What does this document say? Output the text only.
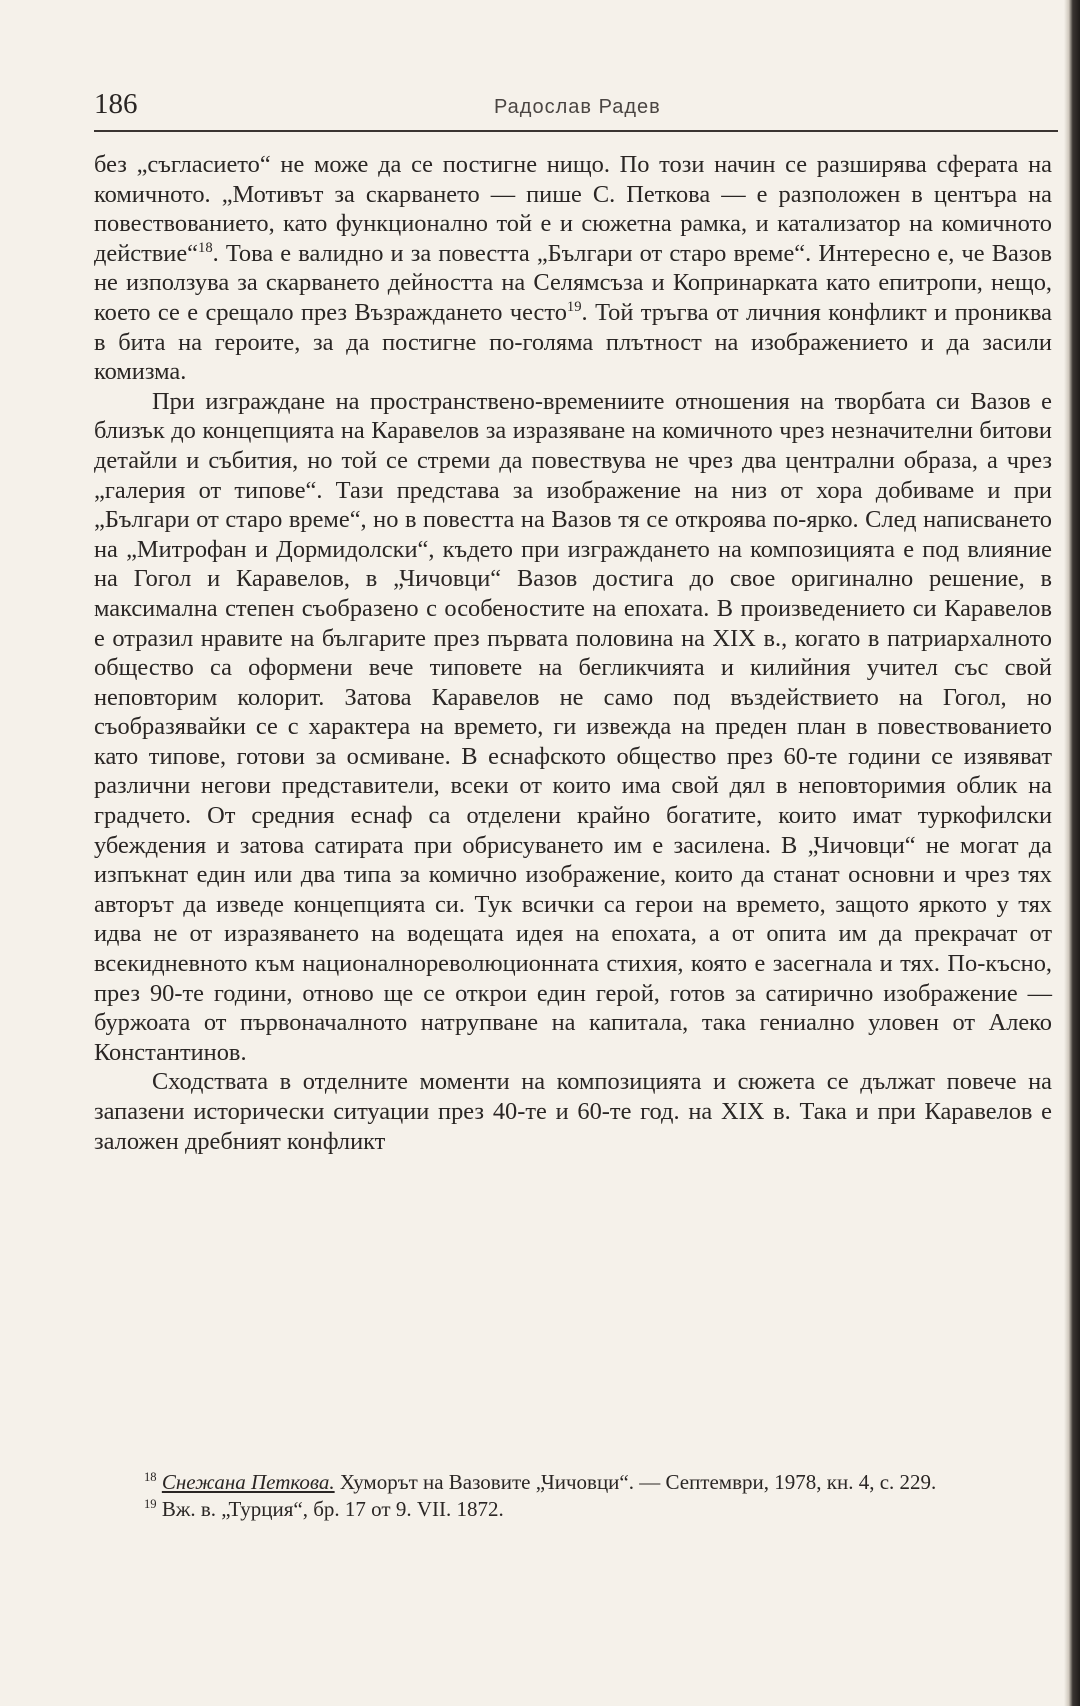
186	Радослав Радев

без „съгласието“ не може да се постигне нищо. По този начин се разширява сферата на комичното. „Мотивът за скарването — пише С. Петкова — е разположен в центъра на повествованието, като функционално той е и сюжетна рамка, и катализатор на комичното действие“$^{18}$. Това е валидно и за повестта „Българи от старо време“. Интересно е, че Вазов не използува за скарването дейността на Селямсъза и Копринарката като епитропи, нещо, което се е срещало през Възраждането често$^{19}$. Той тръгва от личния конфликт и прониква в бита на героите, за да постигне по-голяма плътност на изображението и да засили комизма.

При изграждане на пространствено-времениите отношения на творбата си Вазов е близък до концепцията на Каравелов за изразяване на комичното чрез незначителни битови детайли и събития, но той се стреми да повествува не чрез два централни образа, а чрез „галерия от типове“. Тази представа за изображение на низ от хора добиваме и при „Българи от старо време“, но в повестта на Вазов тя се откроява по-ярко. След написването на „Митрофан и Дормидолски“, където при изграждането на композицията е под влияние на Гогол и Каравелов, в „Чичовци“ Вазов достига до свое оригинално решение, в максимална степен съобразено с особеностите на епохата. В произведението си Каравелов е отразил нравите на българите през първата половина на XIX в., когато в патриархалното общество са оформени вече типовете на бегликчията и килийния учител със свой неповторим колорит. Затова Каравелов не само под въздействието на Гогол, но съобразявайки се с характера на времето, ги извежда на преден план в повествованието като типове, готови за осмиване. В еснафското общество през 60-те години се изявяват различни негови представители, всеки от които има свой дял в неповторимия облик на градчето. От средния еснаф са отделени крайно богатите, които имат туркофилски убеждения и затова сатирата при обрисуването им е засилена. В „Чичовци“ не могат да изпъкнат един или два типа за комично изображение, които да станат основни и чрез тях авторът да изведе концепцията си. Тук всички са герои на времето, защото яркото у тях идва не от изразяването на водещата идея на епохата, а от опита им да прекрачат от всекидневното към националнореволюционната стихия, която е засегнала и тях. По-късно, през 90-те години, отново ще се открои един герой, готов за сатирично изображение — буржоата от първоначалното натрупване на капитала, така гениално уловен от Алеко Константинов.

Сходствата в отделните моменти на композицията и сюжета се дължат повече на запазени исторически ситуации през 40-те и 60-те год. на XIX в. Така и при Каравелов е заложен дребният конфликт

$^{18}$ Снежана Петкова. Хуморът на Вазовите „Чичовци“. — Септември, 1978, кн. 4, с. 229.

$^{19}$ Вж. в. „Турция“, бр. 17 от 9. VII. 1872.
